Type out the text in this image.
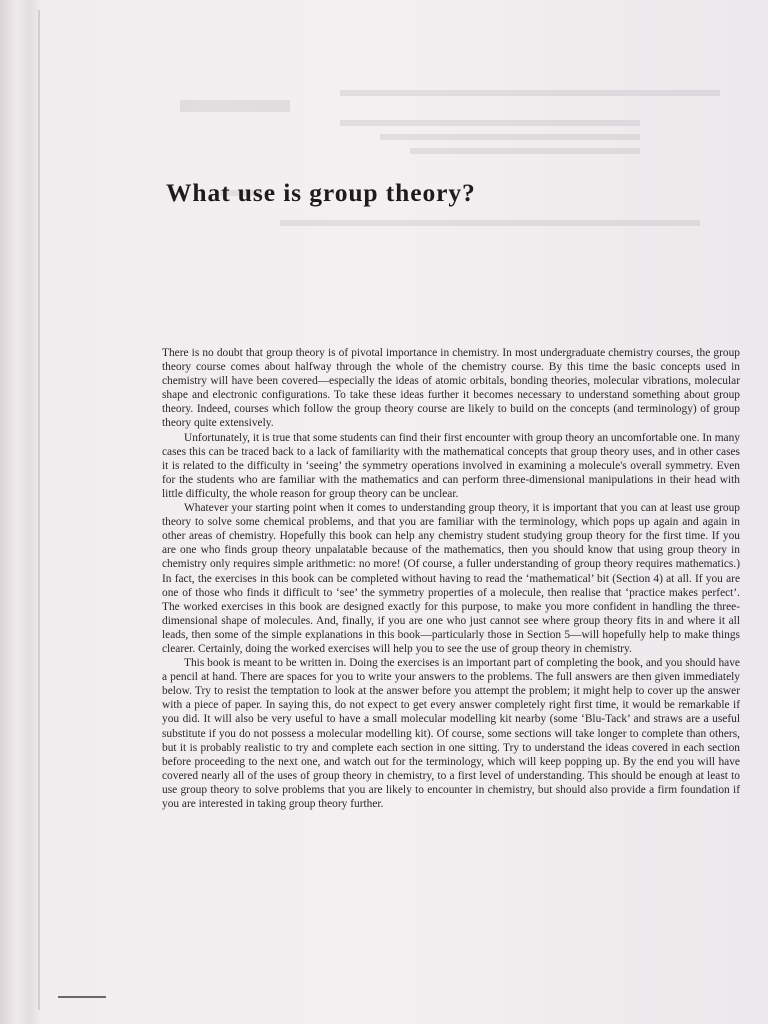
What use is group theory?

There is no doubt that group theory is of pivotal importance in chemistry. In most undergraduate chemistry courses, the group theory course comes about halfway through the whole of the chemistry course. By this time the basic concepts used in chemistry will have been covered—especially the ideas of atomic orbitals, bonding theories, molecular vibrations, molecular shape and electronic configurations. To take these ideas further it becomes necessary to understand something about group theory. Indeed, courses which follow the group theory course are likely to build on the concepts (and terminology) of group theory quite extensively.

Unfortunately, it is true that some students can find their first encounter with group theory an uncomfortable one. In many cases this can be traced back to a lack of familiarity with the mathematical concepts that group theory uses, and in other cases it is related to the difficulty in ‘seeing’ the symmetry operations involved in examining a molecule's overall symmetry. Even for the students who are familiar with the mathematics and can perform three-dimensional manipulations in their head with little difficulty, the whole reason for group theory can be unclear.

Whatever your starting point when it comes to understanding group theory, it is important that you can at least use group theory to solve some chemical problems, and that you are familiar with the terminology, which pops up again and again in other areas of chemistry. Hopefully this book can help any chemistry student studying group theory for the first time. If you are one who finds group theory unpalatable because of the mathematics, then you should know that using group theory in chemistry only requires simple arithmetic: no more! (Of course, a fuller understanding of group theory requires mathematics.) In fact, the exercises in this book can be completed without having to read the ‘mathematical’ bit (Section 4) at all. If you are one of those who finds it difficult to ‘see’ the symmetry properties of a molecule, then realise that ‘practice makes perfect’. The worked exercises in this book are designed exactly for this purpose, to make you more confident in handling the three-dimensional shape of molecules. And, finally, if you are one who just cannot see where group theory fits in and where it all leads, then some of the simple explanations in this book—particularly those in Section 5—will hopefully help to make things clearer. Certainly, doing the worked exercises will help you to see the use of group theory in chemistry.

This book is meant to be written in. Doing the exercises is an important part of completing the book, and you should have a pencil at hand. There are spaces for you to write your answers to the problems. The full answers are then given immediately below. Try to resist the temptation to look at the answer before you attempt the problem; it might help to cover up the answer with a piece of paper. In saying this, do not expect to get every answer completely right first time, it would be remarkable if you did. It will also be very useful to have a small molecular modelling kit nearby (some ‘Blu-Tack’ and straws are a useful substitute if you do not possess a molecular modelling kit). Of course, some sections will take longer to complete than others, but it is probably realistic to try and complete each section in one sitting. Try to understand the ideas covered in each section before proceeding to the next one, and watch out for the terminology, which will keep popping up. By the end you will have covered nearly all of the uses of group theory in chemistry, to a first level of understanding. This should be enough at least to use group theory to solve problems that you are likely to encounter in chemistry, but should also provide a firm foundation if you are interested in taking group theory further.
